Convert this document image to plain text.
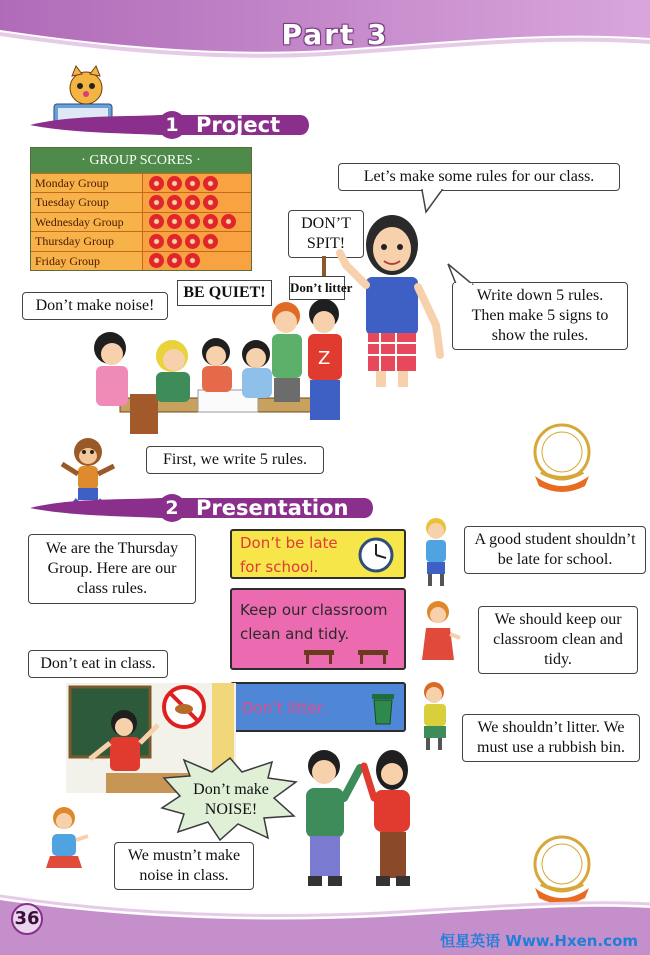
Part 3
1 Project
· GROUP SCORES ·
Monday Group
Tuesday Group
Wednesday Group
Thursday Group
Friday Group
Let’s make some rules for our class.
DON’T SPIT!
Write down 5 rules. Then make 5 signs to show the rules.
BE QUIET!	Don’t litter
Don’t make noise!
Z
First, we write 5 rules.
2 Presentation
We are the Thursday Group. Here are our class rules.
Don’t be late for school.
Keep our classroom clean and tidy.
Don’t litter.
A good student shouldn’t be late for school.
We should keep our classroom clean and tidy.
We shouldn’t litter. We must use a rubbish bin.
Don’t eat in class.
Don’t make NOISE!
We mustn’t make noise in class.
36
恒星英语 Www.Hxen.com
